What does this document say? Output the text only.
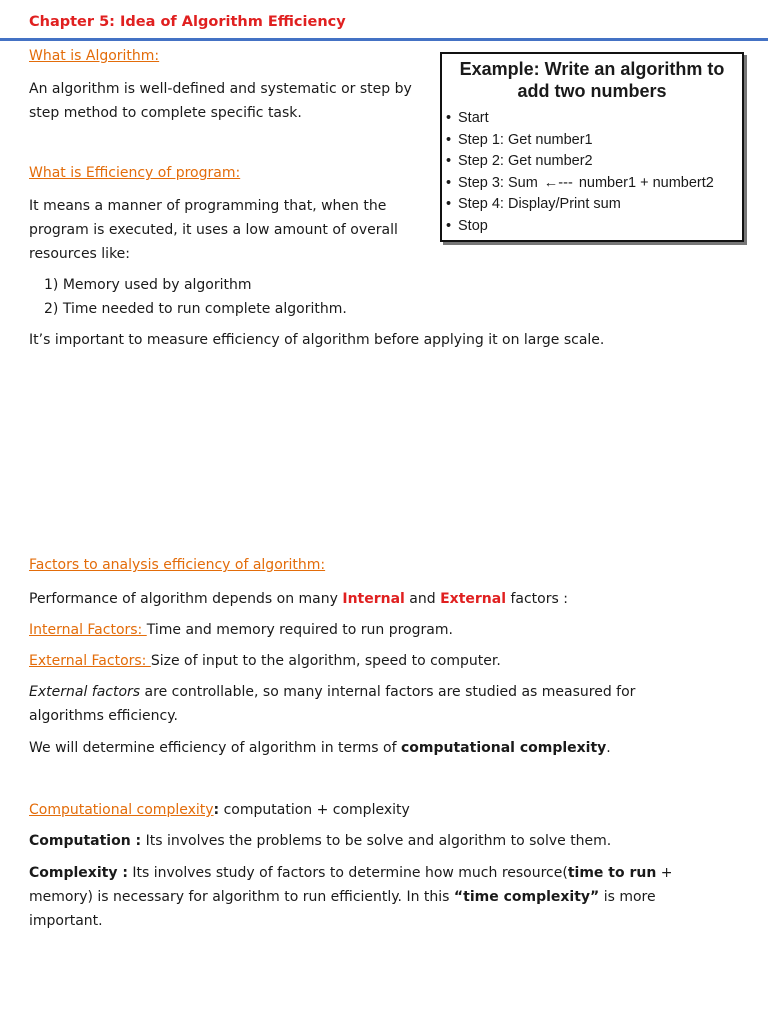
Chapter 5: Idea of Algorithm Efficiency
What is Algorithm:
An algorithm is well-defined and systematic or step by step method to complete specific task.
What is Efficiency of program:
It means a manner of programming that, when the program is executed, it uses a low amount of overall resources like:
1) Memory used by algorithm
2) Time needed to run complete algorithm.
It’s important to measure efficiency of algorithm before applying it on large scale.
Example: Write an algorithm to add two numbers
• Start
• Step 1: Get number1
• Step 2: Get number2
• Step 3: Sum ←--- number1 + numbert2
• Step 4: Display/Print sum
• Stop
Factors to analysis efficiency of algorithm:
Performance of algorithm depends on many Internal and External factors :
Internal Factors: Time and memory required to run program.
External Factors: Size of input to the algorithm, speed to computer.
External factors are controllable, so many internal factors are studied as measured for algorithms efficiency.
We will determine efficiency of algorithm in terms of computational complexity.
Computational complexity: computation + complexity
Computation : Its involves the problems to be solve and algorithm to solve them.
Complexity : Its involves study of factors to determine how much resource(time to run + memory) is necessary for algorithm to run efficiently. In this “time complexity” is more important.
